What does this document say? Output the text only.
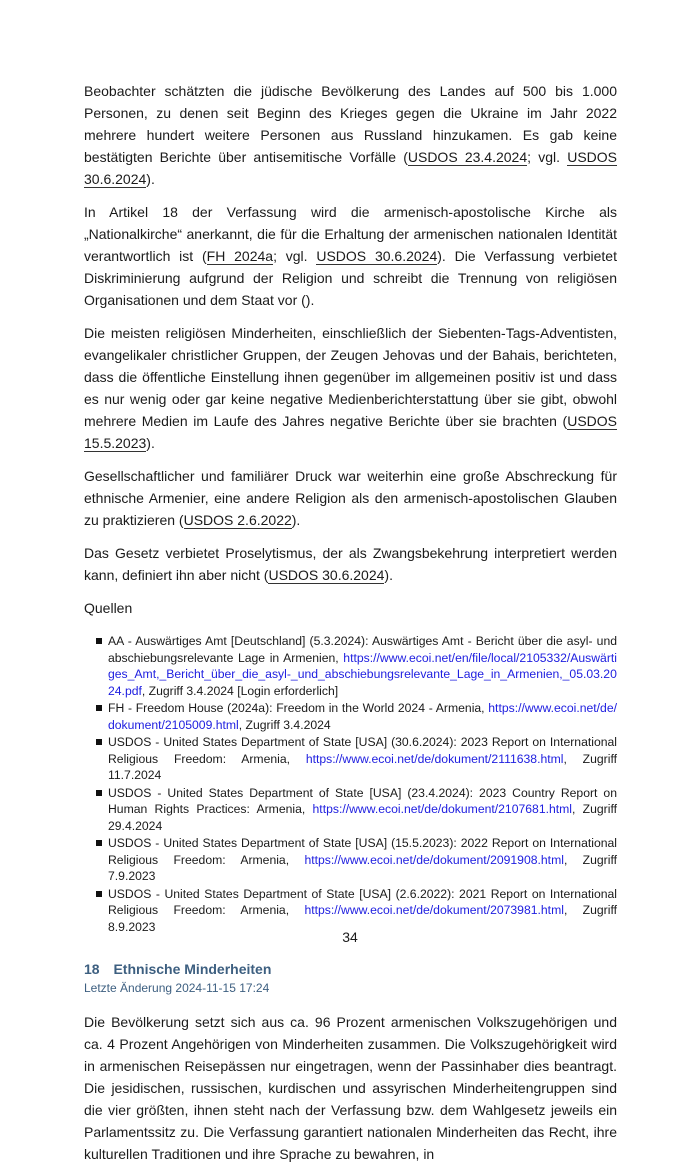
Beobachter schätzten die jüdische Bevölkerung des Landes auf 500 bis 1.000 Personen, zu denen seit Beginn des Krieges gegen die Ukraine im Jahr 2022 mehrere hundert weitere Personen aus Russland hinzukamen. Es gab keine bestätigten Berichte über antisemitische Vorfälle (USDOS 23.4.2024; vgl. USDOS 30.6.2024).

In Artikel 18 der Verfassung wird die armenisch-apostolische Kirche als „Nationalkirche“ anerkannt, die für die Erhaltung der armenischen nationalen Identität verantwortlich ist (FH 2024a; vgl. USDOS 30.6.2024). Die Verfassung verbietet Diskriminierung aufgrund der Religion und schreibt die Trennung von religiösen Organisationen und dem Staat vor ().

Die meisten religiösen Minderheiten, einschließlich der Siebenten-Tags-Adventisten, evangelikaler christlicher Gruppen, der Zeugen Jehovas und der Bahais, berichteten, dass die öffentliche Einstellung ihnen gegenüber im allgemeinen positiv ist und dass es nur wenig oder gar keine negative Medienberichterstattung über sie gibt, obwohl mehrere Medien im Laufe des Jahres negative Berichte über sie brachten (USDOS 15.5.2023).

Gesellschaftlicher und familiärer Druck war weiterhin eine große Abschreckung für ethnische Armenier, eine andere Religion als den armenisch-apostolischen Glauben zu praktizieren (USDOS 2.6.2022).

Das Gesetz verbietet Proselytismus, der als Zwangsbekehrung interpretiert werden kann, definiert ihn aber nicht (USDOS 30.6.2024).

Quellen
AA - Auswärtiges Amt [Deutschland] (5.3.2024): Auswärtiges Amt - Bericht über die asyl- und abschiebungsrelevante Lage in Armenien, https://www.ecoi.net/en/file/local/2105332/Auswärtiges_Amt,_Bericht_über_die_asyl-_und_abschiebungsrelevante_Lage_in_Armenien,_05.03.2024.pdf, Zugriff 3.4.2024 [Login erforderlich]
FH - Freedom House (2024a): Freedom in the World 2024 - Armenia, https://www.ecoi.net/de/dokument/2105009.html, Zugriff 3.4.2024
USDOS - United States Department of State [USA] (30.6.2024): 2023 Report on International Religious Freedom: Armenia, https://www.ecoi.net/de/dokument/2111638.html, Zugriff 11.7.2024
USDOS - United States Department of State [USA] (23.4.2024): 2023 Country Report on Human Rights Practices: Armenia, https://www.ecoi.net/de/dokument/2107681.html, Zugriff 29.4.2024
USDOS - United States Department of State [USA] (15.5.2023): 2022 Report on International Religious Freedom: Armenia, https://www.ecoi.net/de/dokument/2091908.html, Zugriff 7.9.2023
USDOS - United States Department of State [USA] (2.6.2022): 2021 Report on International Religious Freedom: Armenia, https://www.ecoi.net/de/dokument/2073981.html, Zugriff 8.9.2023
18 Ethnische Minderheiten
Letzte Änderung 2024-11-15 17:24

Die Bevölkerung setzt sich aus ca. 96 Prozent armenischen Volkszugehörigen und ca. 4 Prozent Angehörigen von Minderheiten zusammen. Die Volkszugehörigkeit wird in armenischen Reisepässen nur eingetragen, wenn der Passinhaber dies beantragt. Die jesidischen, russischen, kurdischen und assyrischen Minderheitengruppen sind die vier größten, ihnen steht nach der Verfassung bzw. dem Wahlgesetz jeweils ein Parlamentssitz zu. Die Verfassung garantiert nationalen Minderheiten das Recht, ihre kulturellen Traditionen und ihre Sprache zu bewahren, in

34
